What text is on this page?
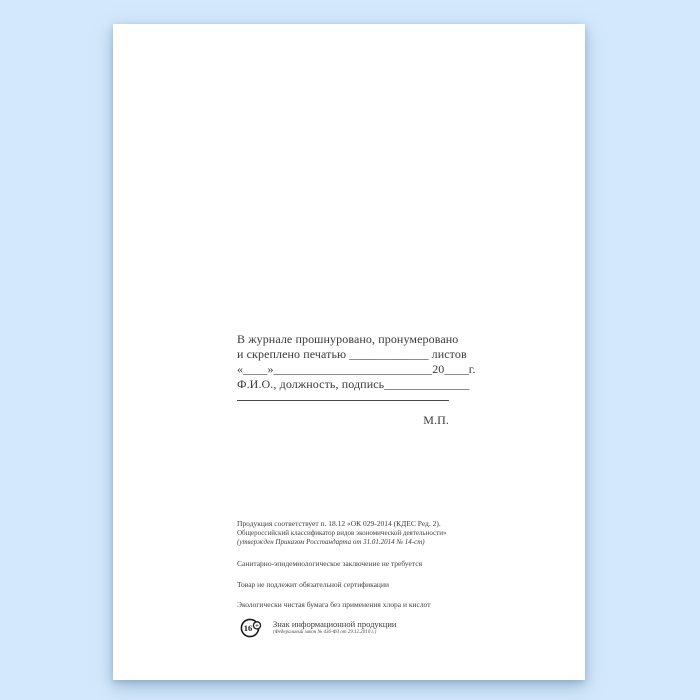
В журнале прошнуровано, пронумеровано
и скреплено печатью _____________ листов
«____»__________________________20____г.
Ф.И.О., должность, подпись______________
М.П.
Продукция соответствует п. 18.12 «ОК 029-2014 (КДЕС Ред. 2).
Общероссийский классификатор видов экономической деятельности»
(утвержден Приказом Росстандарта от 31.01.2014 № 14-ст)
Санитарно-эпидемиологическое заключение не требуется
Товар не подлежит обязательной сертификации
Экологически чистая бумага без применения хлора и кислот
16 + Знак информационной продукции
(Федеральный закон № 436-ФЗ от 29.12.2010 г.)
